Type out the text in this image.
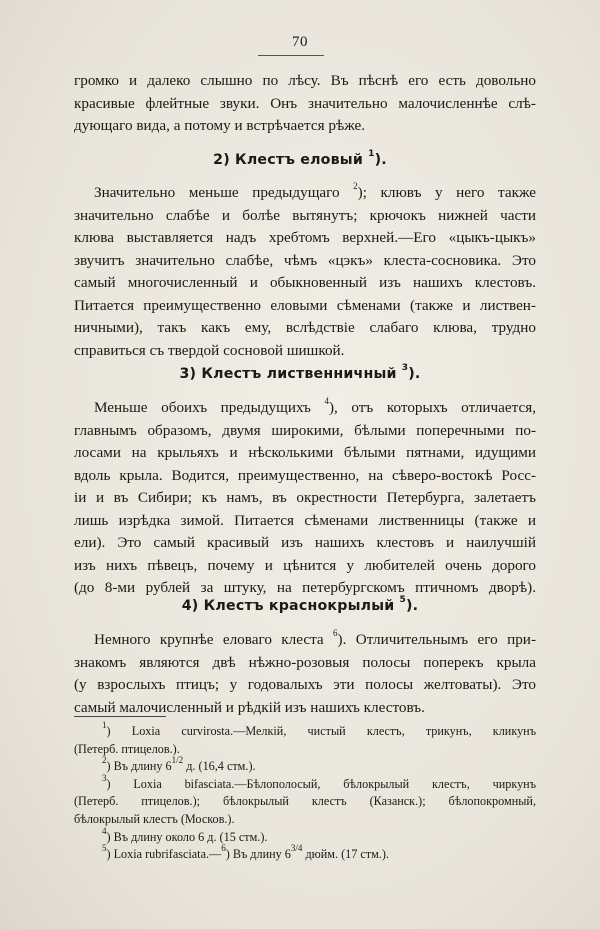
70
громко и далеко слышно по лѣсу. Въ пѣснѣ его есть довольно
красивые флейтные звуки. Онъ значительно малочисленнѣе слѣ-
дующаго вида, а потому и встрѣчается рѣже.
2) Клестъ еловый $^1$).
Значительно меньше предыдущаго $^2$); клювъ у него также
значительно слабѣе и болѣе вытянутъ; крючокъ нижней части
клюва выставляется надъ хребтомъ верхней.—Его «цыкъ-цыкъ»
звучитъ значительно слабѣе, чѣмъ «цэкъ» клеста-сосновика. Это
самый многочисленный и обыкновенный изъ нашихъ клестовъ.
Питается преимущественно еловыми сѣменами (также и листвен-
ничными), такъ какъ ему, вслѣдствіе слабаго клюва, трудно
справиться съ твердой сосновой шишкой.
3) Клестъ лиственничный $^3$).
Меньше обоихъ предыдущихъ $^4$), отъ которыхъ отличается,
главнымъ образомъ, двумя широкими, бѣлыми поперечными по-
лосами на крыльяхъ и нѣсколькими бѣлыми пятнами, идущими
вдоль крыла. Водится, преимущественно, на сѣверо-востокѣ Росс-
іи и въ Сибири; къ намъ, въ окрестности Петербурга, залетаетъ
лишь изрѣдка зимой. Питается сѣменами лиственницы (также и
ели). Это самый красивый изъ нашихъ клестовъ и наилучшій
изъ нихъ пѣвецъ, почему и цѣнится у любителей очень дорого
(до 8-ми рублей за штуку, на петербургскомъ птичномъ дворѣ).
4) Клестъ краснокрылый $^5$).
Немного крупнѣе еловаго клеста $^6$). Отличительнымъ его при-
знакомъ являются двѣ нѣжно-розовыя полосы поперекъ крыла
(у взрослыхъ птицъ; у годовалыхъ эти полосы желтоваты). Это
самый малочисленный и рѣдкій изъ нашихъ клестовъ.
$^1$) Loxia curvirosta.—Мелкій, чистый клестъ, трикунъ, кликунъ
(Петерб. птицелов.).
$^2$) Въ длину $6^{1/2}$ д. (16,4 стм.).
$^3$) Loxia bifasciata.—Бѣлополосый, бѣлокрылый клестъ, чиркунъ
(Петерб. птицелов.); бѣлокрылый клестъ (Казанск.); бѣлопокромный,
бѣлокрылый клестъ (Москов.).
$^4$) Въ длину около 6 д. (15 стм.).
$^5$) Loxia rubrifasciata.—$^6$) Въ длину $6^{3/4}$ дюйм. (17 стм.).
